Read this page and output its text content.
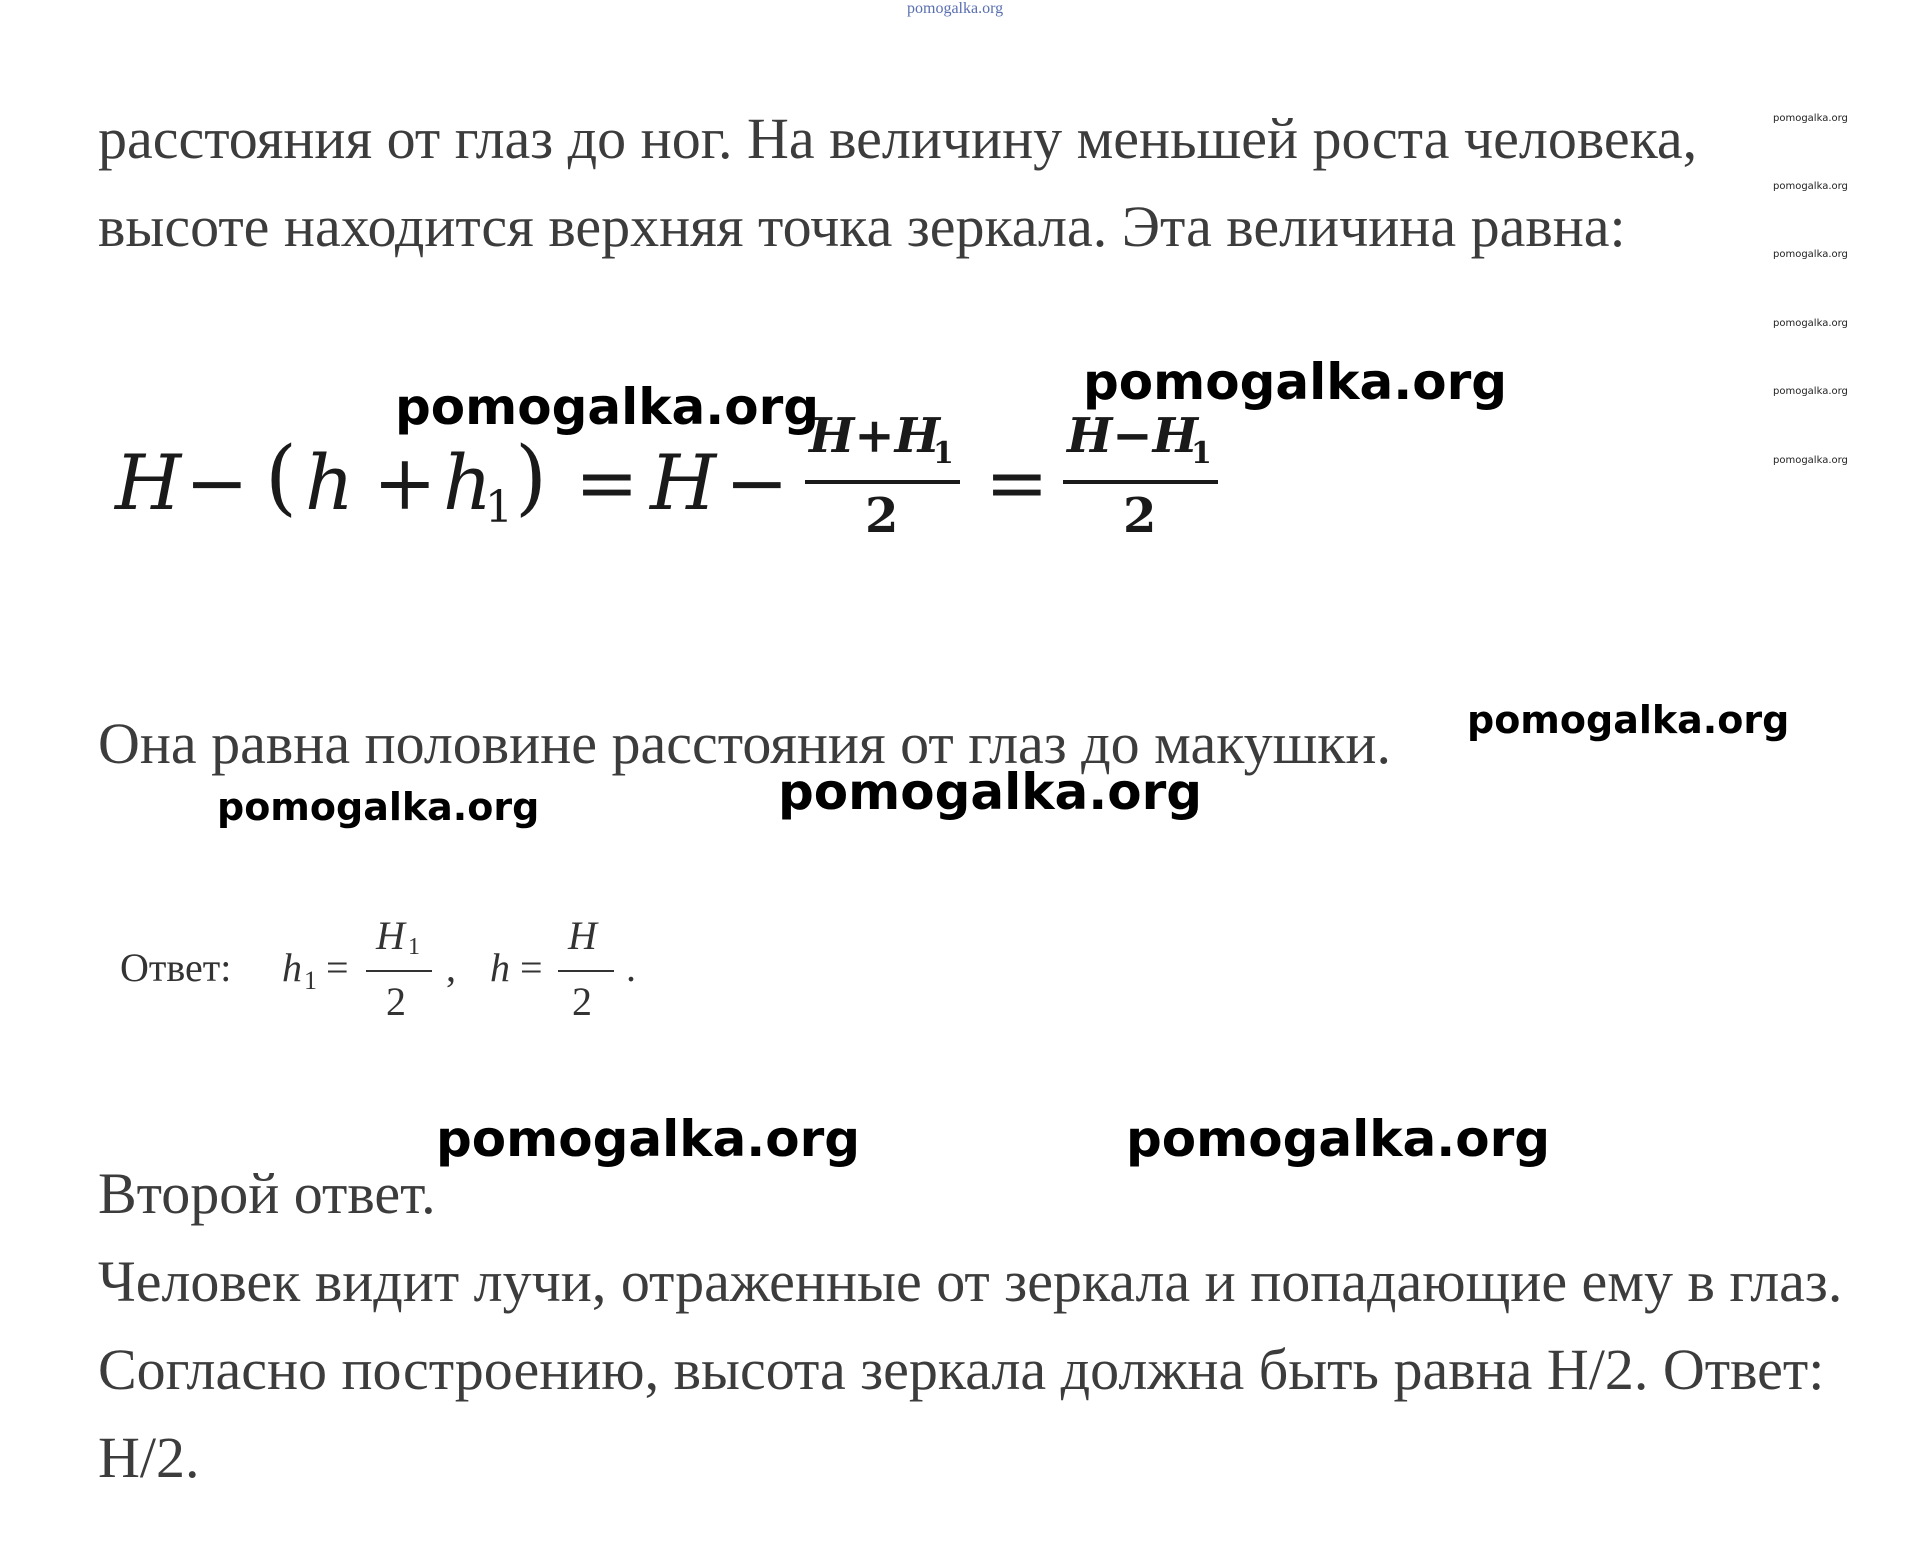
pomogalka.org
pomogalka.org
pomogalka.org
pomogalka.org
pomogalka.org
pomogalka.org
pomogalka.org
расстояния от глаз до ног. На величину меньшей роста человека,
высоте находится верхняя точка зеркала. Эта величина равна:
pomogalka.org	pomogalka.org
H − ( h + h
1 ) = H −
H+H
1
2 =
H−H
1
2
Она равна половине расстояния от глаз до макушки. pomogalka.org
pomogalka.org	pomogalka.org
Ответ: h 1 =
H 1
2
, h =
H
2
.
pomogalka.org	pomogalka.org
Второй ответ.
Человек видит лучи, отраженные от зеркала и попадающие ему в глаз.
Согласно построению, высота зеркала должна быть равна H/2. Ответ:
H/2.
